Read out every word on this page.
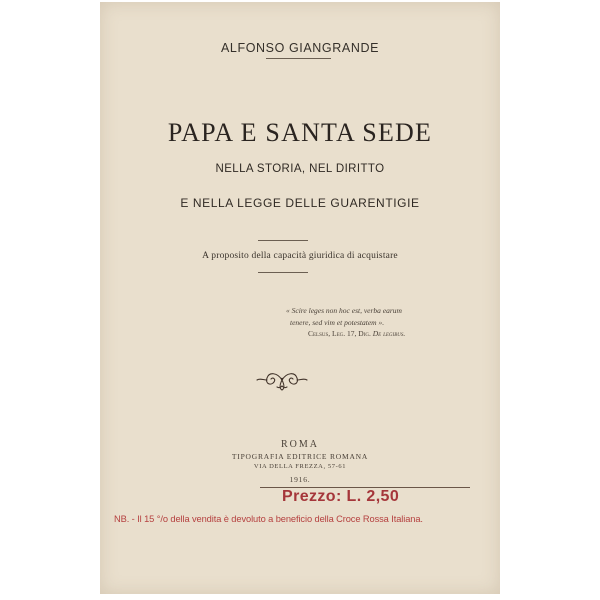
ALFONSO GIANGRANDE
PAPA E SANTA SEDE
NELLA STORIA, NEL DIRITTO
E NELLA LEGGE DELLE GUARENTIGIE
A proposito della capacità giuridica di acquistare
« Scire leges non hoc est, verba earum
tenere, sed vim et potestatem ».
Celsus, Leg. 17, Dig. De legibus.
ROMA
TIPOGRAFIA EDITRICE ROMANA
VIA DELLA FREZZA, 57-61
1916.
Prezzo: L. 2,50
NB. - Il 15 °/o della vendita è devoluto a beneficio della Croce Rossa Italiana.
